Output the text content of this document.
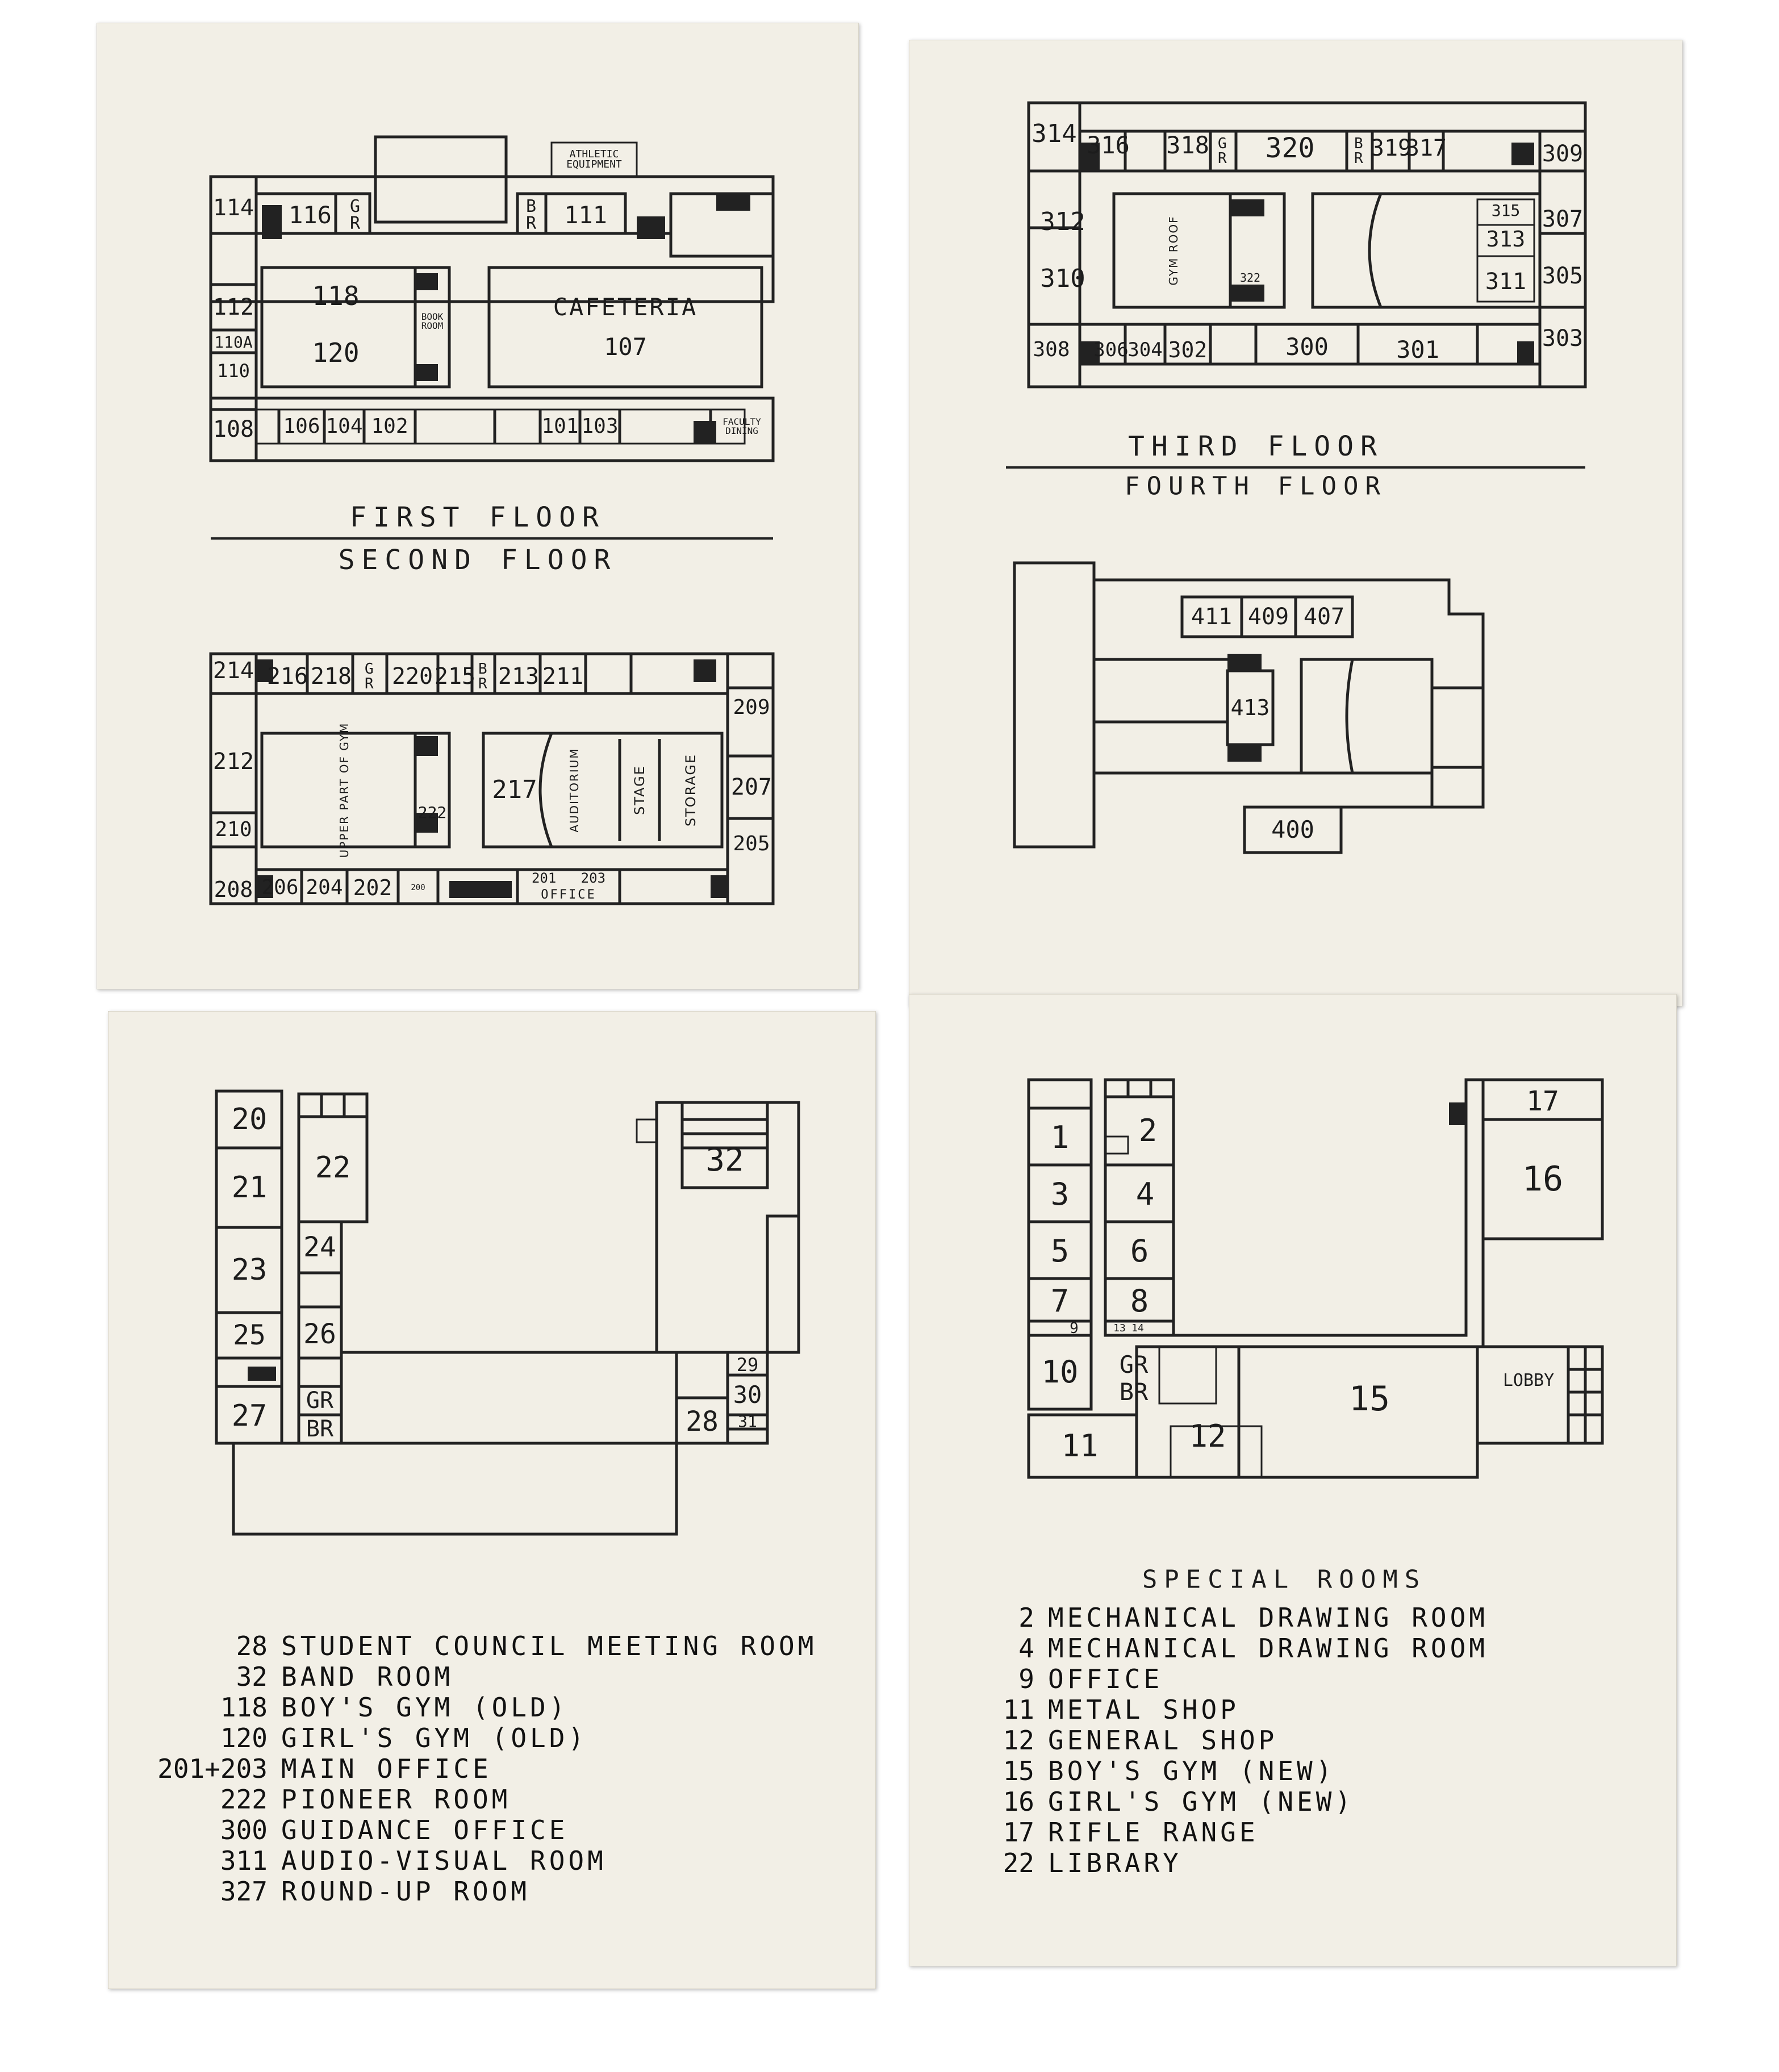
114 116 G R
B R 111
ATHLETIC EQUIPMENT
112 118
120
BOOK ROOM
CAFETERIA
107
110A
110
108 106 104 102	101 103	FACULTY DINING
FIRST FLOOR
SECOND FLOOR
214 216 218 G R 220 215 B R 213 211
209
212	UPPER PART OF GYM	222
217	AUDITORIUM	STAGE	STORAGE 207
210
205
208 206 204 202 200
201   203
OFFICE
314 316 318 G R 320	B R 319
317	309
312	GYM ROOF
315
313
307
310	322	311 305
308 306
304 302	300	301	303
THIRD FLOOR
FOURTH FLOOR
411 409 407
413
400
20
21
22
23
24
25 26
27 GR
BR
32
28
29
30
31
28 STUDENT COUNCIL MEETING ROOM
32 BAND ROOM
118 BOY'S GYM (OLD)
120 GIRL'S GYM (OLD)
201+203 MAIN OFFICE
222 PIONEER ROOM
300 GUIDANCE OFFICE
311 AUDIO-VISUAL ROOM
327 ROUND-UP ROOM
1 2
3 4
5 6
7 8
9	13 14
10 GR
BR
11	12
15
16
17
LOBBY
SPECIAL ROOMS
2 MECHANICAL DRAWING ROOM
4 MECHANICAL DRAWING ROOM
9 OFFICE
11 METAL SHOP
12 GENERAL SHOP
15 BOY'S GYM (NEW)
16 GIRL'S GYM (NEW)
17 RIFLE RANGE
22 LIBRARY
